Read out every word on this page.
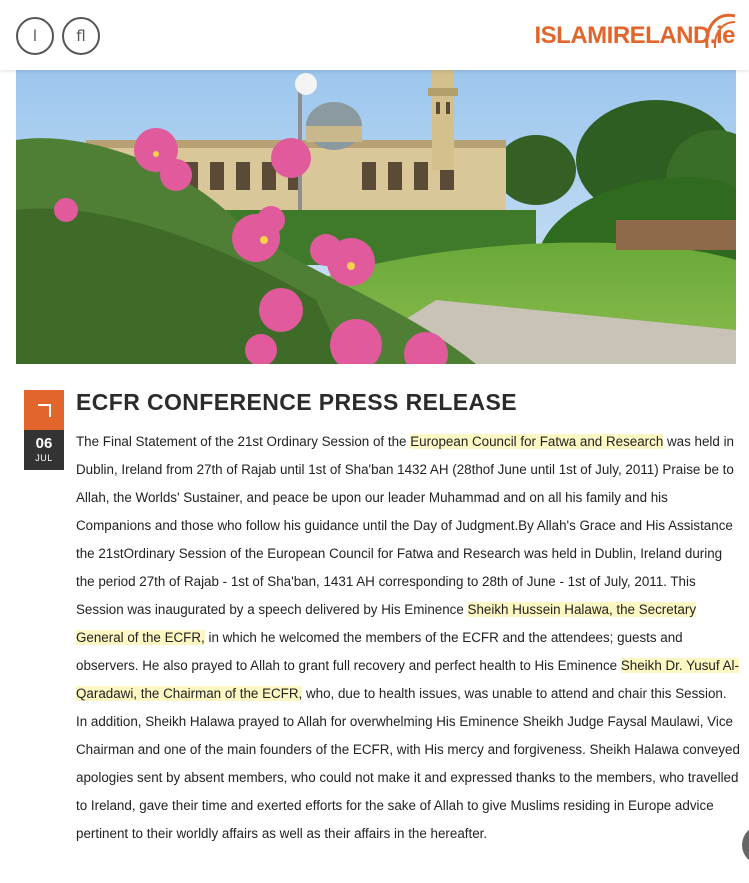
l	fl	ISLAMIRELAND.ie
06
JUL
ECFR CONFERENCE PRESS RELEASE

The Final Statement of the 21st Ordinary Session of the European Council for Fatwa and Research was held in Dublin, Ireland from 27th of Rajab until 1st of Sha'ban 1432 AH (28thof June until 1st of July, 2011) Praise be to Allah, the Worlds' Sustainer, and peace be upon our leader Muhammad and on all his family and his Companions and those who follow his guidance until the Day of Judgment.By Allah's Grace and His Assistance the 21stOrdinary Session of the European Council for Fatwa and Research was held in Dublin, Ireland during the period 27th of Rajab - 1st of Sha'ban, 1431 AH corresponding to 28th of June - 1st of July, 2011. This Session was inaugurated by a speech delivered by His Eminence Sheikh Hussein Halawa, the Secretary General of the ECFR, in which he welcomed the members of the ECFR and the attendees; guests and observers. He also prayed to Allah to grant full recovery and perfect health to His Eminence Sheikh Dr. Yusuf Al-Qaradawi, the Chairman of the ECFR, who, due to health issues, was unable to attend and chair this Session. In addition, Sheikh Halawa prayed to Allah for overwhelming His Eminence Sheikh Judge Faysal Maulawi, Vice Chairman and one of the main founders of the ECFR, with His mercy and forgiveness. Sheikh Halawa conveyed apologies sent by absent members, who could not make it and expressed thanks to the members, who travelled to Ireland, gave their time and exerted efforts for the sake of Allah to give Muslims residing in Europe advice pertinent to their worldly affairs as well as their affairs in the hereafter.
